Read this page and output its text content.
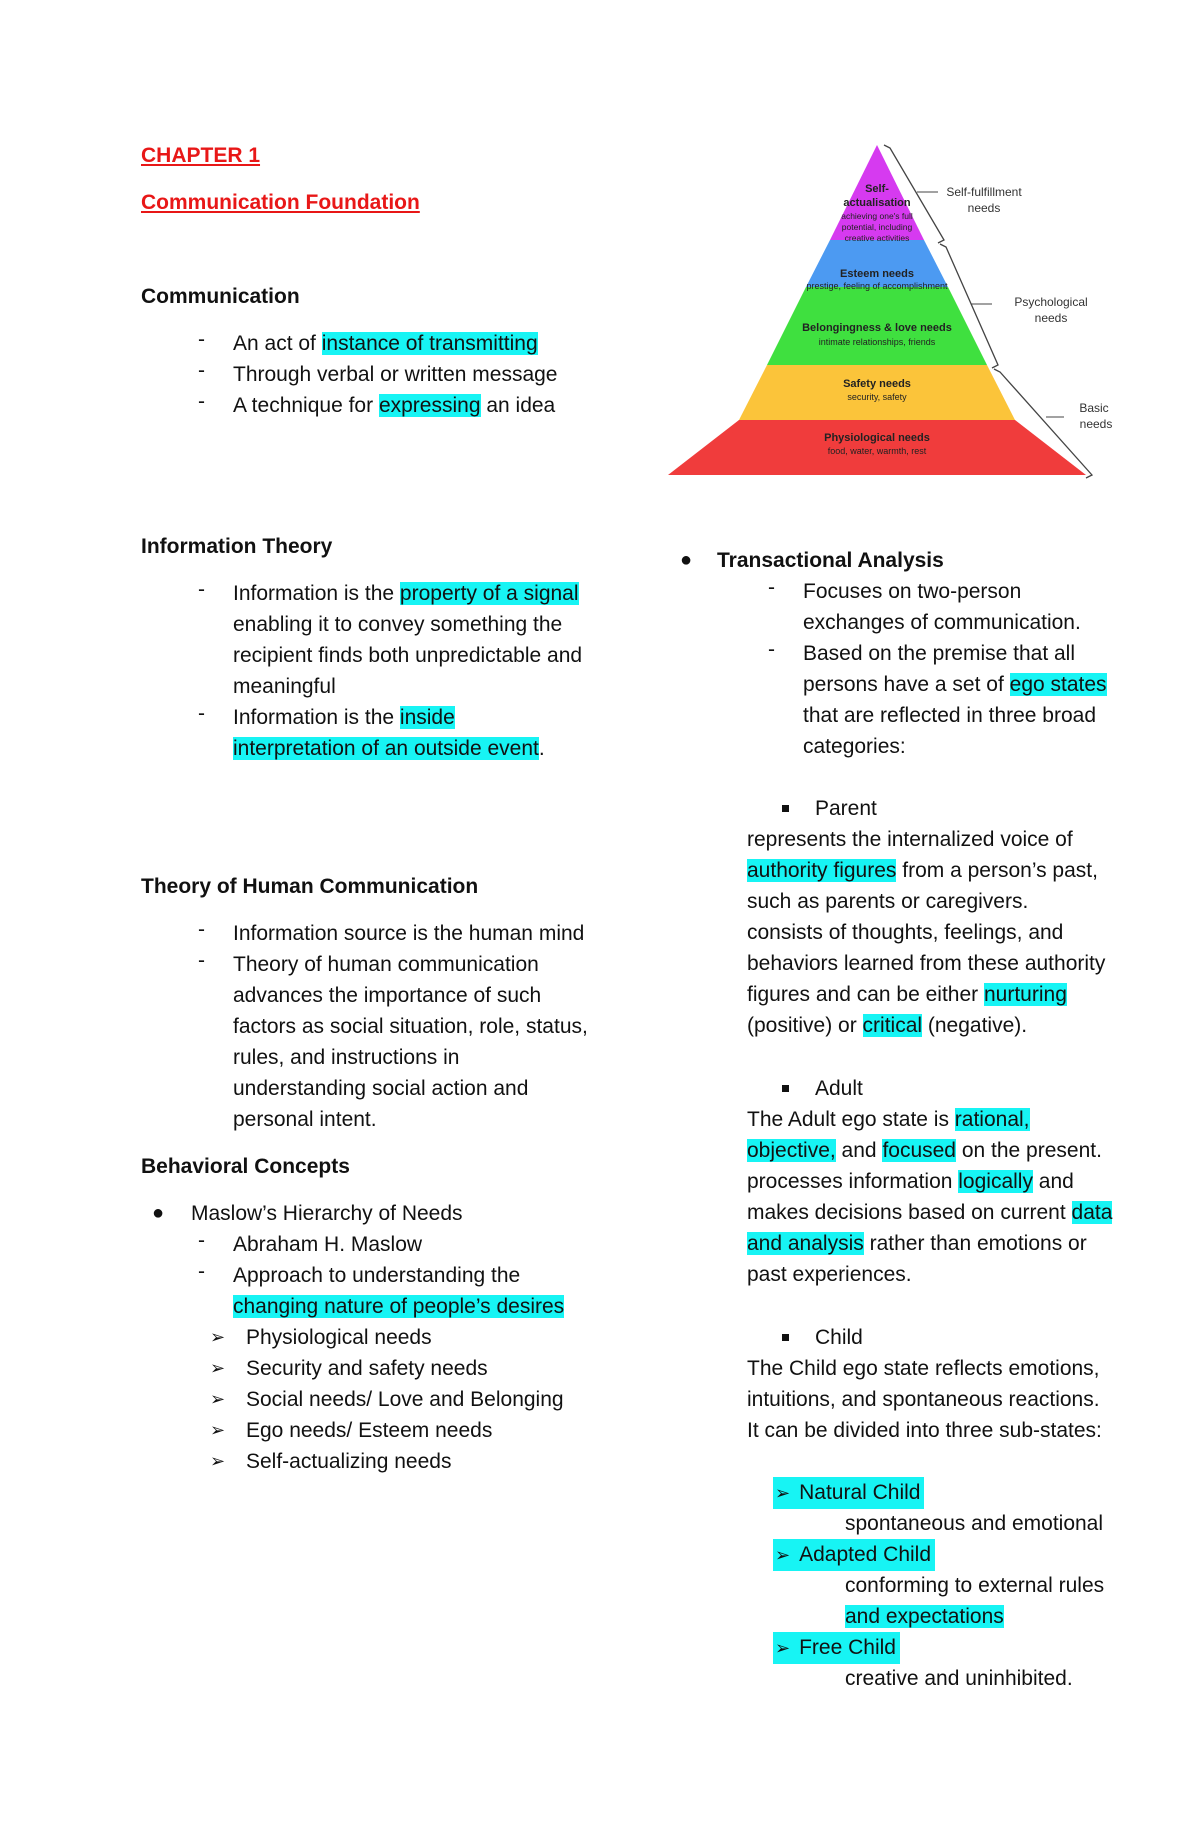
CHAPTER 1
Communication Foundation
Communication
- An act of instance of transmitting
- Through verbal or written message
- A technique for expressing an idea
Information Theory
- Information is the property of a signal
enabling it to convey something the
recipient finds both unpredictable and
meaningful
- Information is the inside
interpretation of an outside event.
Theory of Human Communication
- Information source is the human mind
- Theory of human communication
advances the importance of such
factors as social situation, role, status,
rules, and instructions in
understanding social action and
personal intent.
Behavioral Concepts
● Maslow’s Hierarchy of Needs
- Abraham H. Maslow
- Approach to understanding the
changing nature of people’s desires
➢ Physiological needs
➢ Security and safety needs
➢ Social needs/ Love and Belonging
➢ Ego needs/ Esteem needs
➢ Self-actualizing needs
Self-
actualisation
achieving one's full
potential, including
creative activities
Esteem needs
prestige, feeling of accomplishment
Belongingness & love needs
intimate relationships, friends
Safety needs
security, safety
Physiological needs
food, water, warmth, rest
Self-fulfillment
needs
Psychological
needs
Basic
needs
● Transactional Analysis
- Focuses on two-person
exchanges of communication.
- Based on the premise that all
persons have a set of ego states
that are reflected in three broad
categories:
Parent
represents the internalized voice of
authority figures from a person’s past,
such as parents or caregivers.
consists of thoughts, feelings, and
behaviors learned from these authority
figures and can be either nurturing
(positive) or critical (negative).
Adult
The Adult ego state is rational,
objective, and focused on the present.
processes information logically and
makes decisions based on current data
and analysis rather than emotions or
past experiences.
Child
The Child ego state reflects emotions,
intuitions, and spontaneous reactions.
It can be divided into three sub-states:
➢ Natural Child
spontaneous and emotional
➢ Adapted Child
conforming to external rules
and expectations
➢ Free Child
creative and uninhibited.
